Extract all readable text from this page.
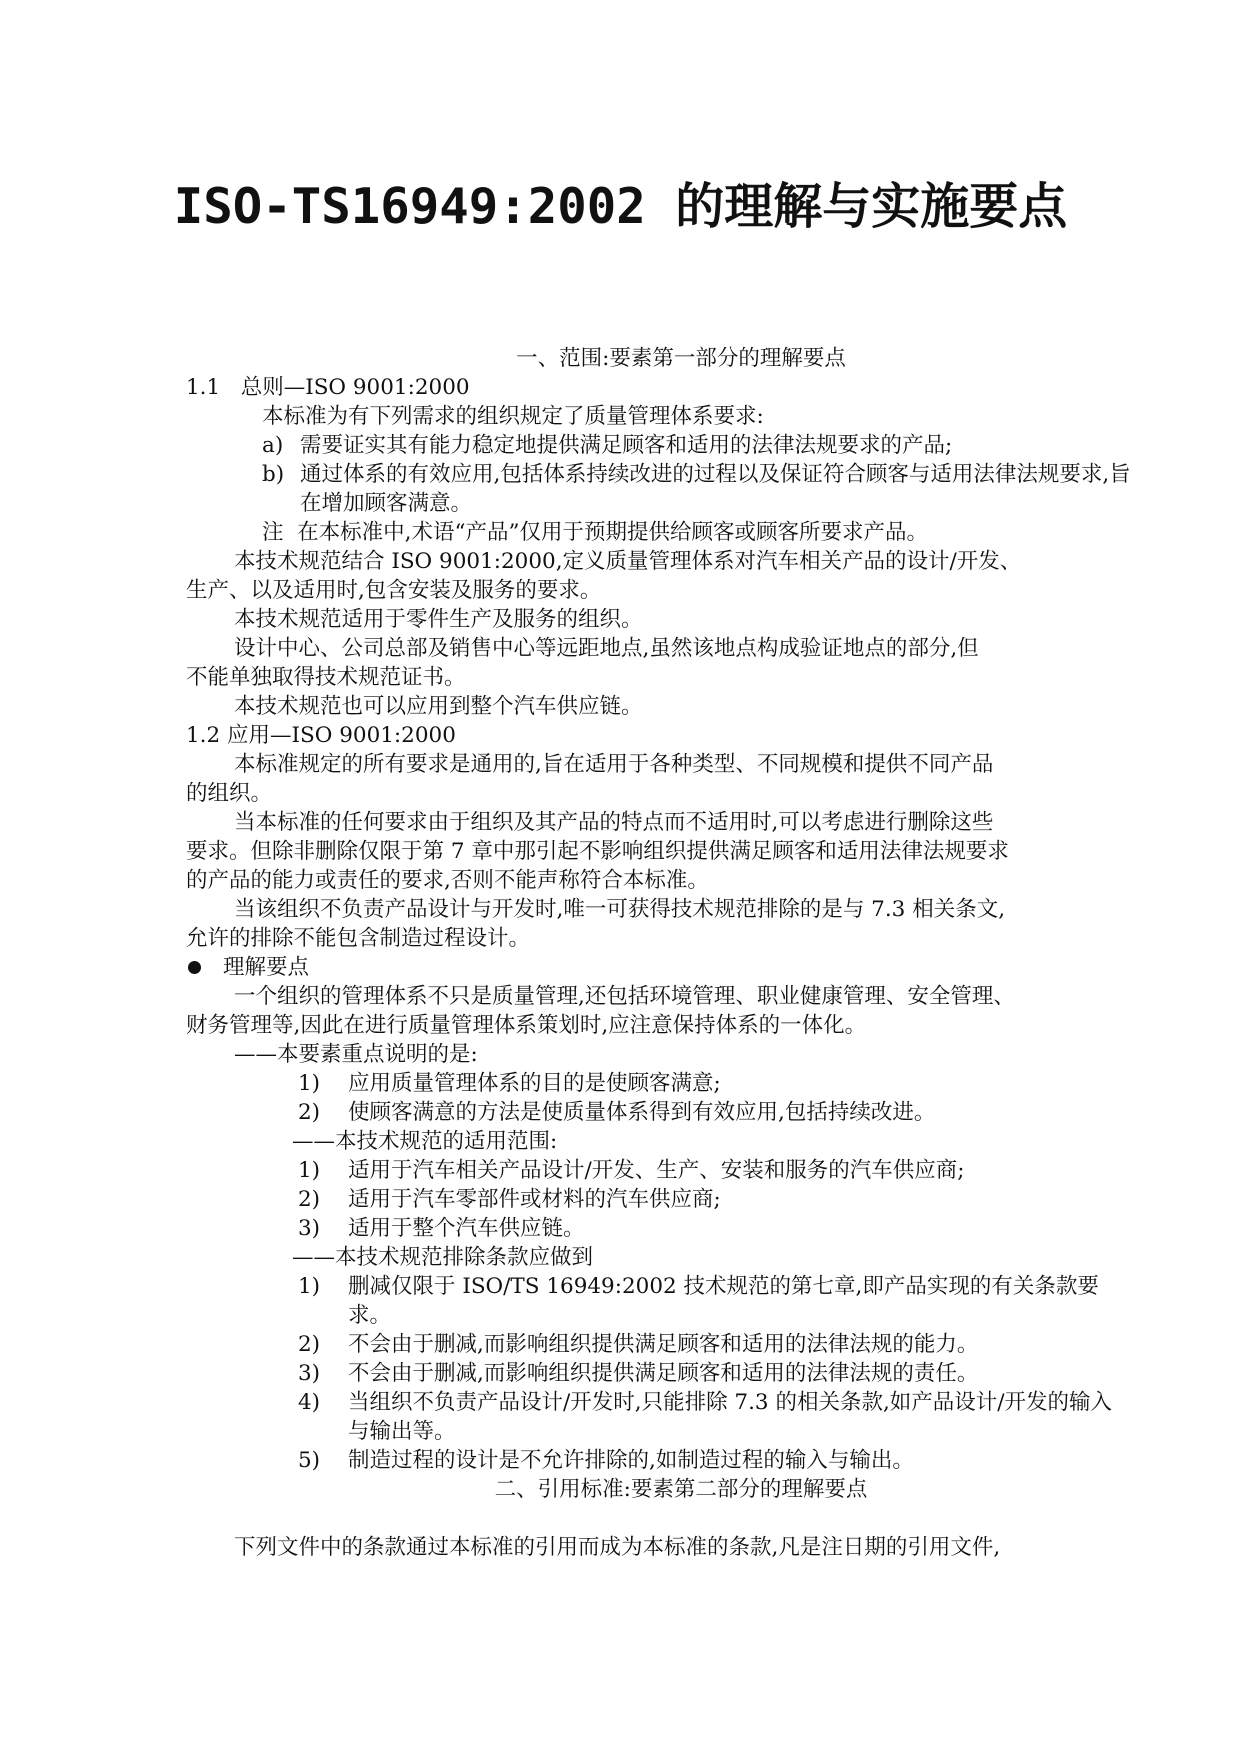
ISO-TS16949:2002 的理解与实施要点
一、范围:要素第一部分的理解要点
1.1   总则—ISO 9001:2000
本标准为有下列需求的组织规定了质量管理体系要求:
a) 需要证实其有能力稳定地提供满足顾客和适用的法律法规要求的产品;
b) 通过体系的有效应用,包括体系持续改进的过程以及保证符合顾客与适用法律法规要求,旨在增加顾客满意。
注  在本标准中,术语“产品”仅用于预期提供给顾客或顾客所要求产品。
本技术规范结合 ISO 9001:2000,定义质量管理体系对汽车相关产品的设计/开发、
生产、以及适用时,包含安装及服务的要求。
本技术规范适用于零件生产及服务的组织。
设计中心、公司总部及销售中心等远距地点,虽然该地点构成验证地点的部分,但
不能单独取得技术规范证书。
本技术规范也可以应用到整个汽车供应链。
1.2 应用—ISO 9001:2000
本标准规定的所有要求是通用的,旨在适用于各种类型、不同规模和提供不同产品
的组织。
当本标准的任何要求由于组织及其产品的特点而不适用时,可以考虑进行删除这些
要求。但除非删除仅限于第 7 章中那引起不影响组织提供满足顾客和适用法律法规要求
的产品的能力或责任的要求,否则不能声称符合本标准。
当该组织不负责产品设计与开发时,唯一可获得技术规范排除的是与 7.3 相关条文,
允许的排除不能包含制造过程设计。
理解要点
一个组织的管理体系不只是质量管理,还包括环境管理、职业健康管理、安全管理、
财务管理等,因此在进行质量管理体系策划时,应注意保持体系的一体化。
——本要素重点说明的是:
1)	应用质量管理体系的目的是使顾客满意;
2)	使顾客满意的方法是使质量体系得到有效应用,包括持续改进。
——本技术规范的适用范围:
1)	适用于汽车相关产品设计/开发、生产、安装和服务的汽车供应商;
2)	适用于汽车零部件或材料的汽车供应商;
3)	适用于整个汽车供应链。
——本技术规范排除条款应做到
1)	删减仅限于 ISO/TS 16949:2002 技术规范的第七章,即产品实现的有关条款要求。
2)	不会由于删减,而影响组织提供满足顾客和适用的法律法规的能力。
3)	不会由于删减,而影响组织提供满足顾客和适用的法律法规的责任。
4)	当组织不负责产品设计/开发时,只能排除 7.3 的相关条款,如产品设计/开发的输入与输出等。
5)	制造过程的设计是不允许排除的,如制造过程的输入与输出。
二、引用标准:要素第二部分的理解要点
下列文件中的条款通过本标准的引用而成为本标准的条款,凡是注日期的引用文件,
